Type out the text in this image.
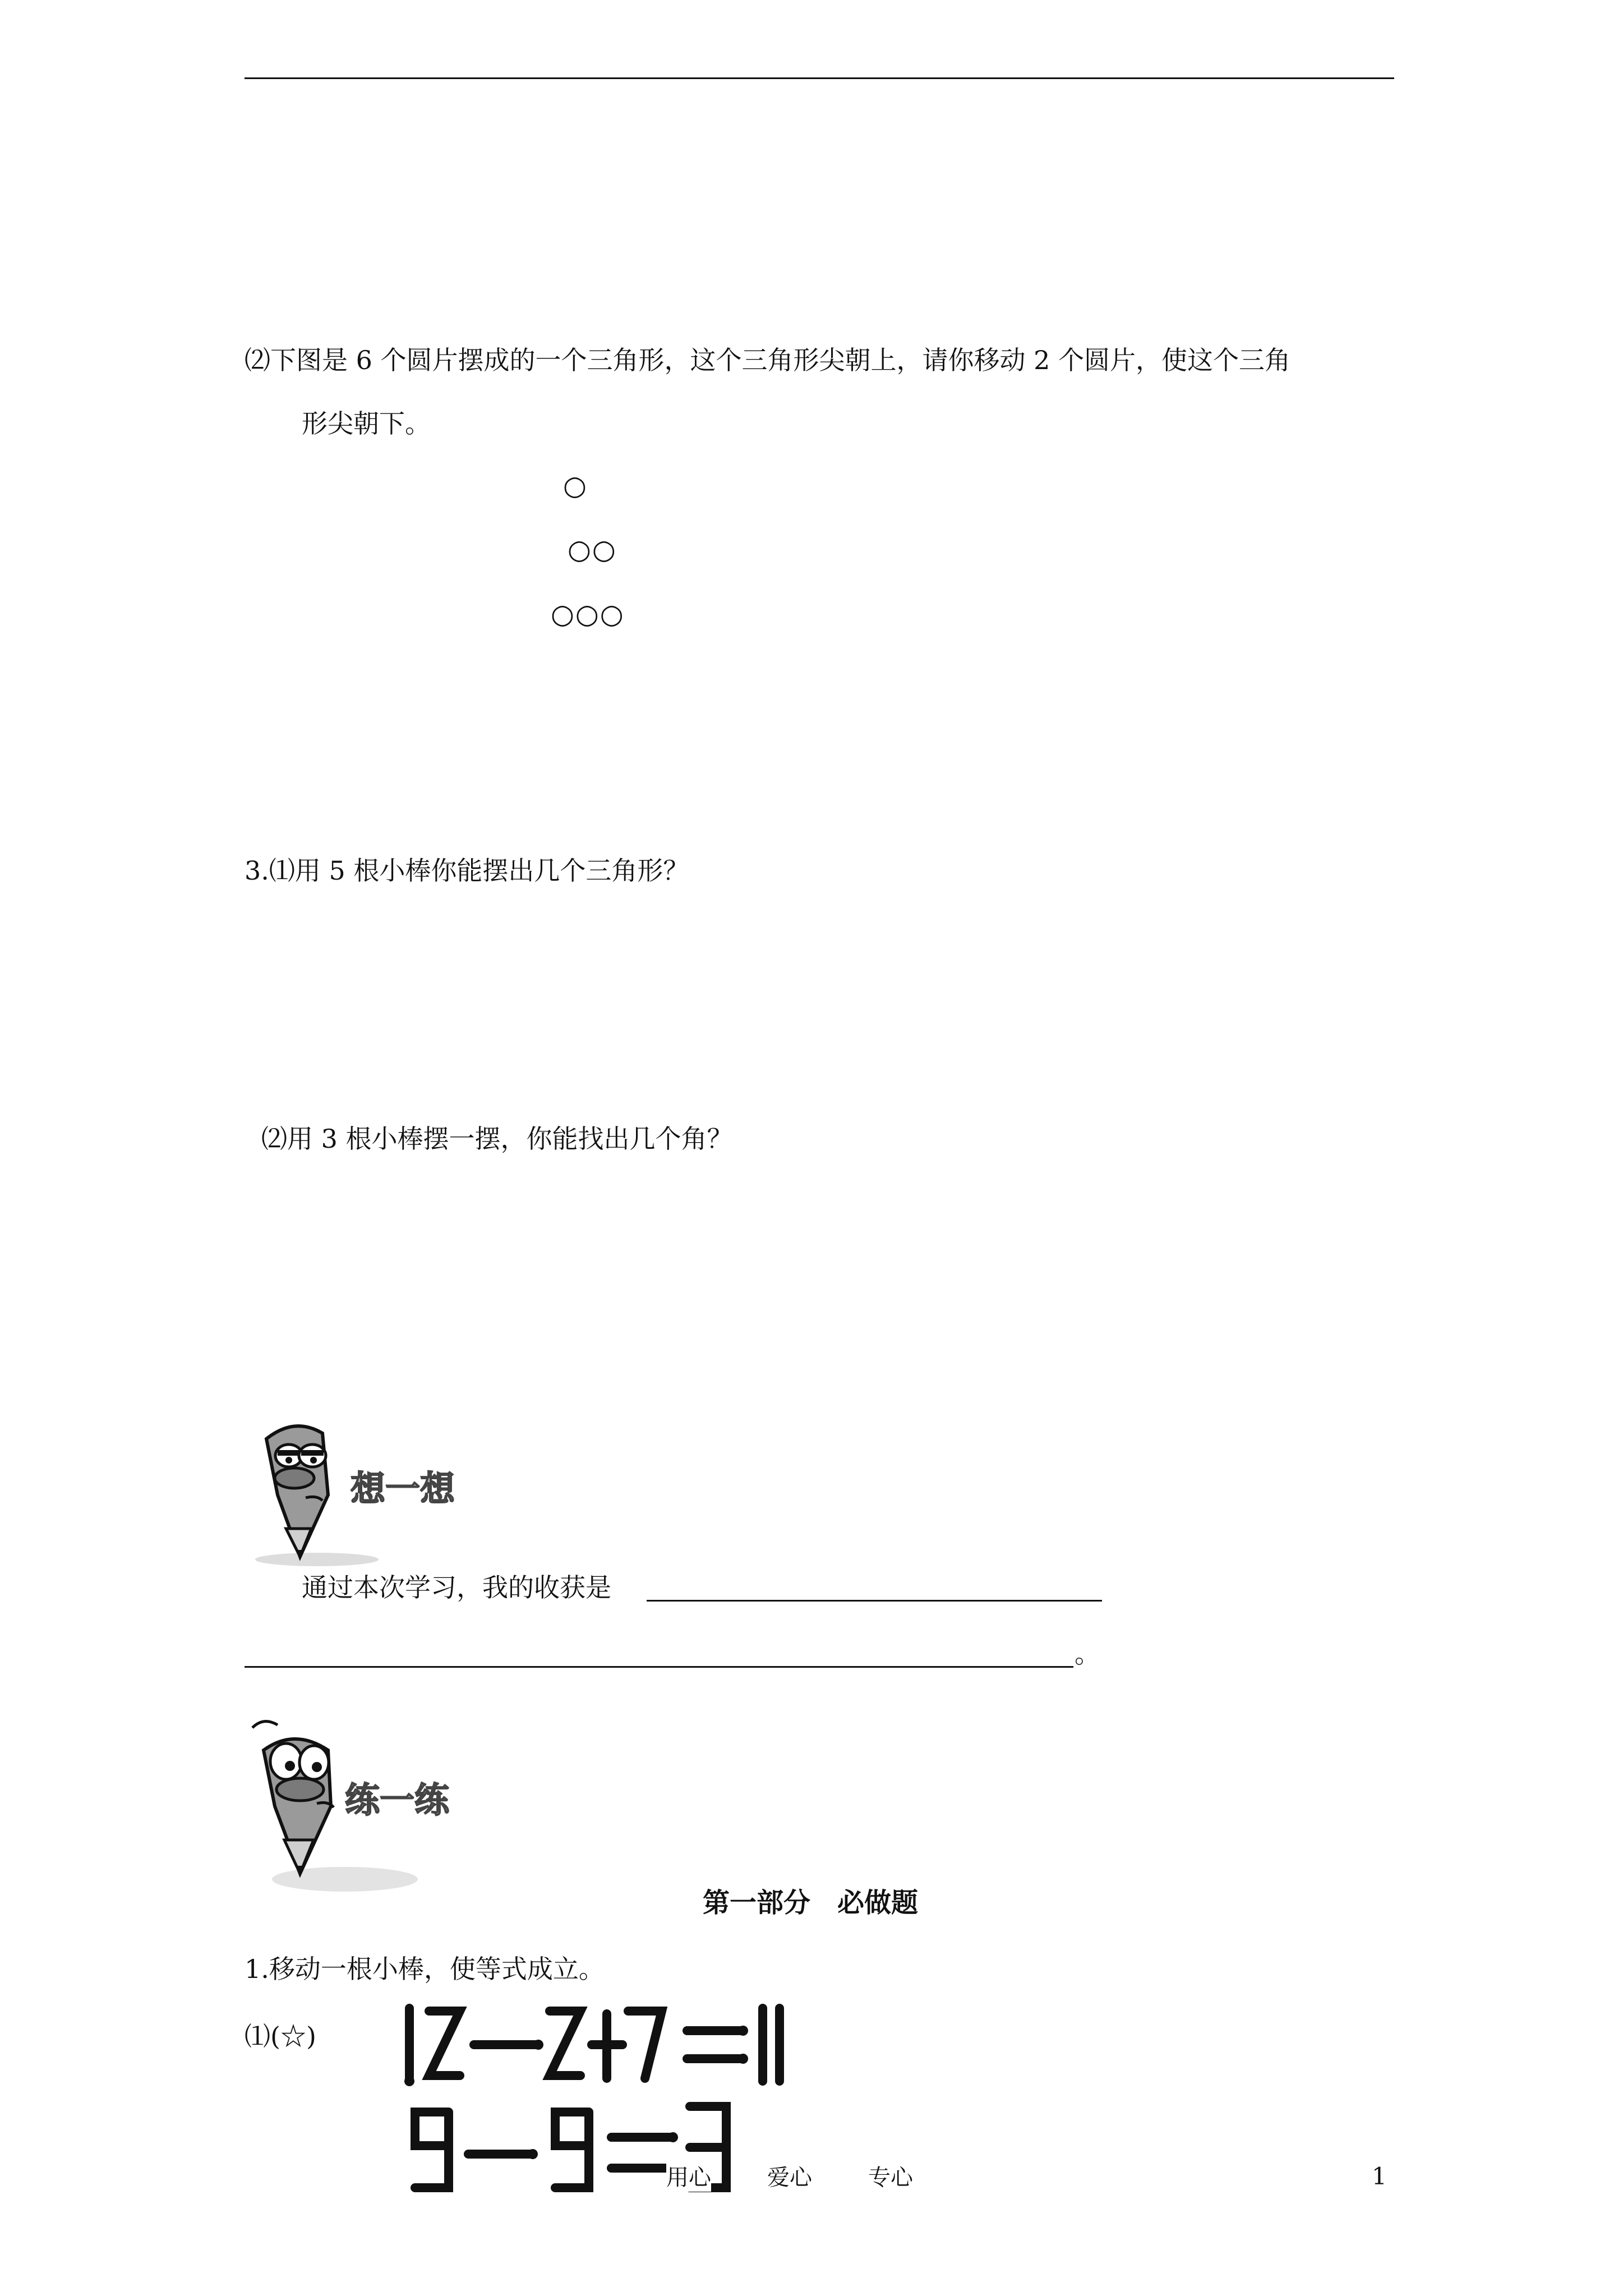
⑵下图是 6 个圆片摆成的一个三角形，这个三角形尖朝上，请你移动 2 个圆片，使这个三角
形尖朝下。
○
○○
○○○
3.⑴用 5 根小棒你能摆出几个三角形？
⑵用 3 根小棒摆一摆，你能找出几个角？
想一想
通过本次学习，我的收获是
。
练一练
第一部分　必做题
1.移动一根小棒，使等式成立。
⑴(☆)
用心	爱心	专心	1
